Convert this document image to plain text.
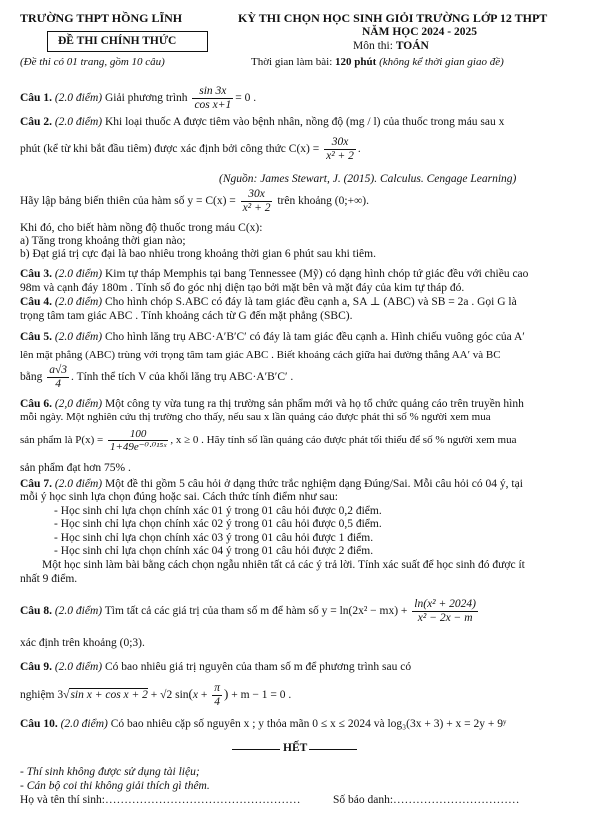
TRƯỜNG THPT HỒNG LĨNH
ĐỀ THI CHÍNH THỨC
(Đề thi có 01 trang, gồm 10 câu)
KỲ THI CHỌN HỌC SINH GIỎI TRƯỜNG LỚP 12 THPT
NĂM HỌC 2024 - 2025
Môn thi: TOÁN
Thời gian làm bài: 120 phút (không kể thời gian giao đề)
Câu 1. (2.0 điểm) Giải phương trình $\frac{\sin 3x}{\text{cos x+1}} = 0$ .
Câu 2. (2.0 điểm) Khi loại thuốc A được tiêm vào bệnh nhân, nồng độ (mg / l) của thuốc trong máu sau x
phút (kể từ khi bắt đầu tiêm) được xác định bởi công thức $C(x) = \frac{30x}{\text{x² + 2}}$ .
(Nguồn: James Stewart, J. (2015). Calculus. Cengage Learning)
Hãy lập bảng biến thiên của hàm số $y = C(x) = \frac{30x}{\text{x² + 2}}$ trên khoảng (0;+∞).
Khi đó, cho biết hàm nồng độ thuốc trong máu C(x):
a) Tăng trong khoảng thời gian nào;
b) Đạt giá trị cực đại là bao nhiêu trong khoảng thời gian 6 phút sau khi tiêm.
Câu 3. (2.0 điểm) Kim tự tháp Memphis tại bang Tennessee (Mỹ) có dạng hình chóp tứ giác đều với chiều cao
98m và cạnh đáy 180m . Tính số đo góc nhị diện tạo bởi mặt bên và mặt đáy của kim tự tháp đó.
Câu 4. (2.0 điểm) Cho hình chóp S.ABC có đáy là tam giác đều cạnh a, SA ⊥ (ABC) và SB = 2a . Gọi G là
trọng tâm tam giác ABC . Tính khoảng cách từ G đến mặt phẳng (SBC).
Câu 5. (2.0 điểm) Cho hình lăng trụ ABC·A′B′C′ có đáy là tam giác đều cạnh a. Hình chiếu vuông góc của A′
lên mặt phẳng (ABC) trùng với trọng tâm tam giác ABC . Biết khoảng cách giữa hai đường thẳng AA′ và BC
bằng $\frac{a√3}{4}$ . Tính thể tích V của khối lăng trụ ABC·A′B′C′ .
Câu 6. (2,0 điểm) Một công ty vừa tung ra thị trường sản phẩm mới và họ tổ chức quảng cáo trên truyền hình
mỗi ngày. Một nghiên cứu thị trường cho thấy, nếu sau x lần quảng cáo được phát thì số % người xem mua
sản phẩm là $P(x) = \frac{100}{\text{1+49e⁻⁰·⁰¹⁵ˣ}}$ , x ≥ 0 . Hãy tính số lần quảng cáo được phát tối thiểu để số % người xem mua
sản phẩm đạt hơn 75% .
Câu 7. (2.0 điểm) Một đề thi gồm 5 câu hỏi ở dạng thức trắc nghiệm dạng Đúng/Sai. Mỗi câu hỏi có 04 ý, tại
mỗi ý học sinh lựa chọn đúng hoặc sai. Cách thức tính điểm như sau:
- Học sinh chỉ lựa chọn chính xác 01 ý trong 01 câu hỏi được 0,2 điểm.
- Học sinh chỉ lựa chọn chính xác 02 ý trong 01 câu hỏi được 0,5 điểm.
- Học sinh chỉ lựa chọn chính xác 03 ý trong 01 câu hỏi được 1 điểm.
- Học sinh chỉ lựa chọn chính xác 04 ý trong 01 câu hỏi được 2 điểm.
Một học sinh làm bài bằng cách chọn ngẫu nhiên tất cả các ý trả lời. Tính xác suất để học sinh đó được ít
nhất 9 điểm.
Câu 8. (2.0 điểm) Tìm tất cả các giá trị của tham số m để hàm số $y = \ln(2x^2 - mx) + \frac{\text{ln(x² + 2024)}}{\text{x² − 2x − m}}$
xác định trên khoảng (0;3).
Câu 9. (2.0 điểm) Có bao nhiêu giá trị nguyên của tham số m để phương trình sau có
nghiệm 3√sin x + cos x + 2 + √2 $\sin(x + \frac{\pi}{4}$ ) + m − 1 = 0 .
Câu 10. (2.0 điểm) Có bao nhiêu cặp số nguyên x ; y thỏa mãn 0 ≤ x ≤ 2024 và log₃(3x + 3) + x = 2y + 9ʸ
HẾT
- Thí sinh không được sử dụng tài liệu;
- Cán bộ coi thi không giải thích gì thêm.
Họ và tên thí sinh:……………………………………………	Số báo danh:……………………………
